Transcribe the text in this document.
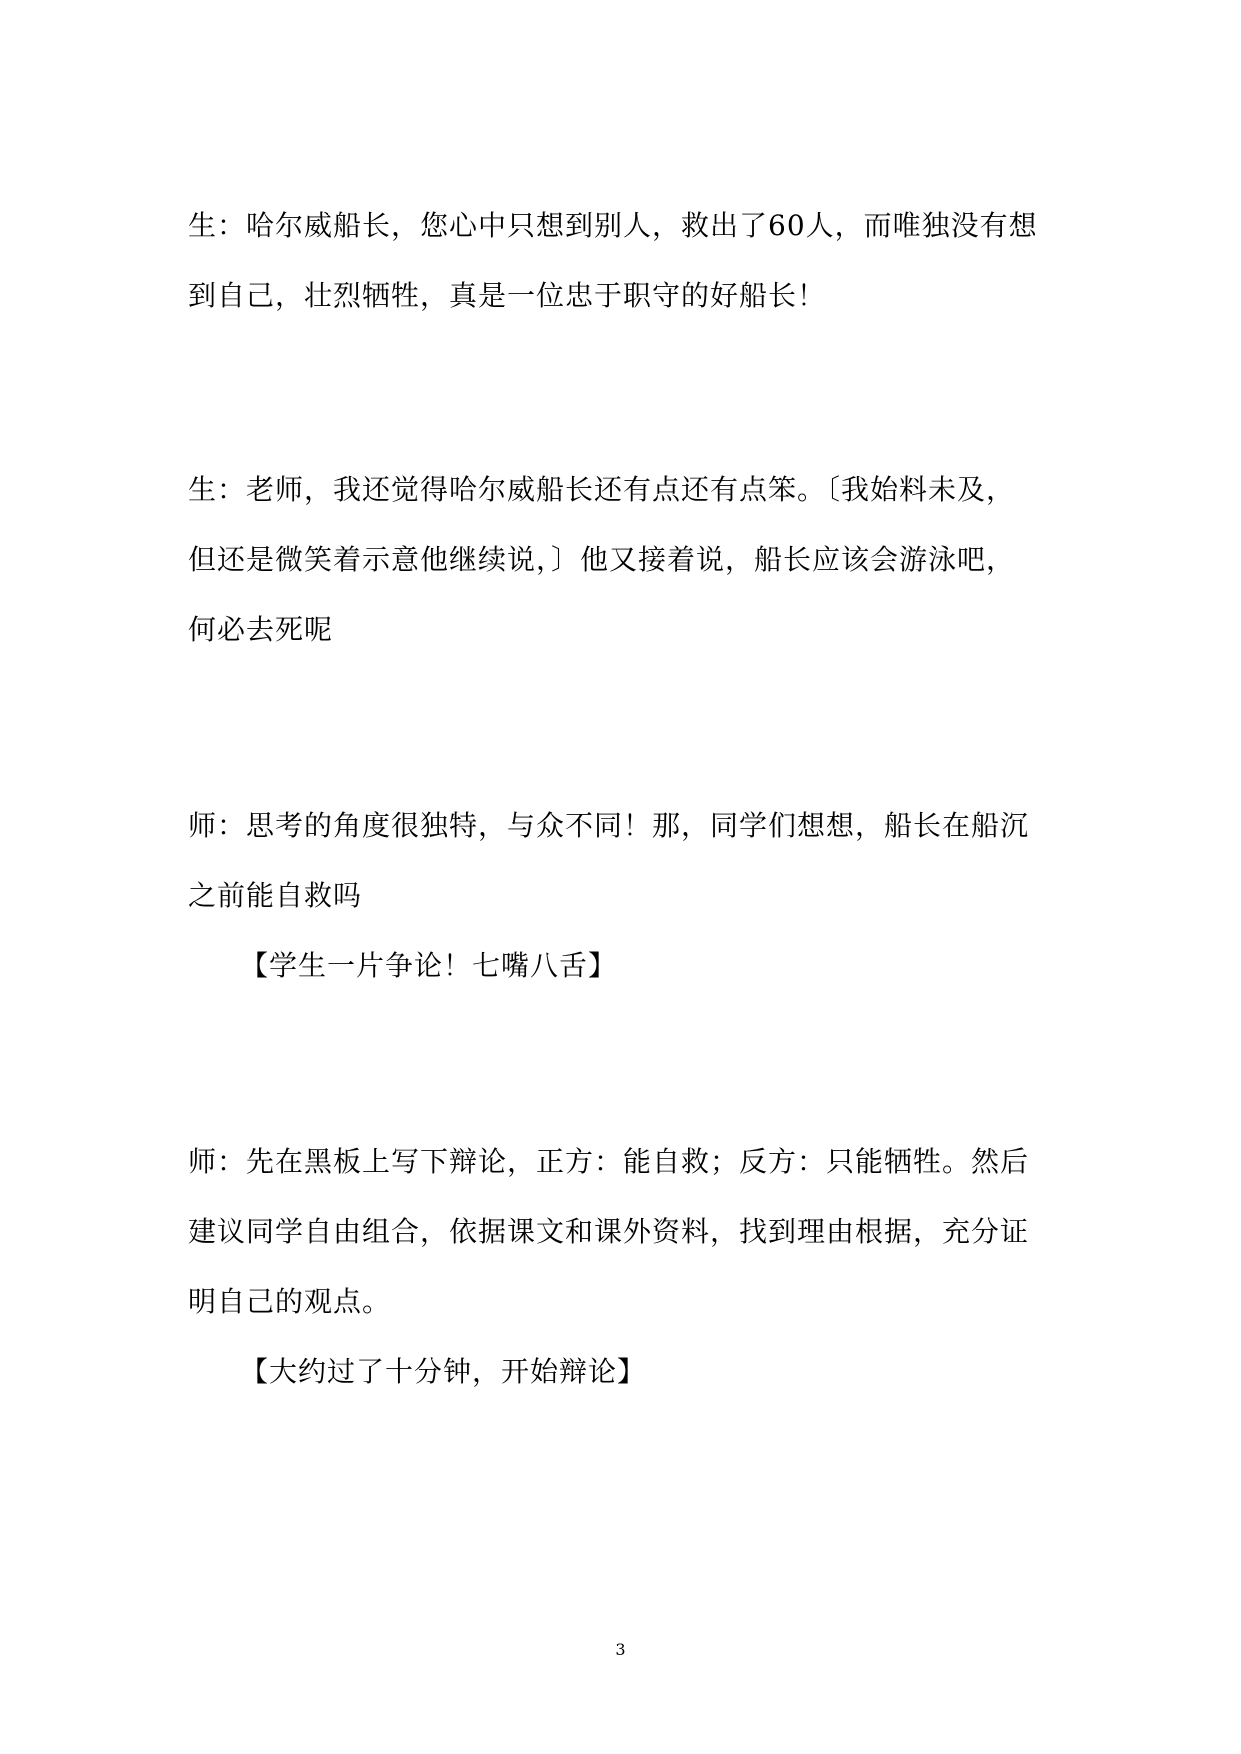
生：哈尔威船长，您心中只想到别人，救出了60人，而唯独没有想
到自己，壮烈牺牲，真是一位忠于职守的好船长！
生：老师，我还觉得哈尔威船长还有点还有点笨。〔我始料未及，
但还是微笑着示意他继续说，〕他又接着说，船长应该会游泳吧，
何必去死呢
师：思考的角度很独特，与众不同！那，同学们想想，船长在船沉
之前能自救吗
【学生一片争论！七嘴八舌】
师：先在黑板上写下辩论，正方：能自救；反方：只能牺牲。然后
建议同学自由组合，依据课文和课外资料，找到理由根据，充分证
明自己的观点。
【大约过了十分钟，开始辩论】
3
